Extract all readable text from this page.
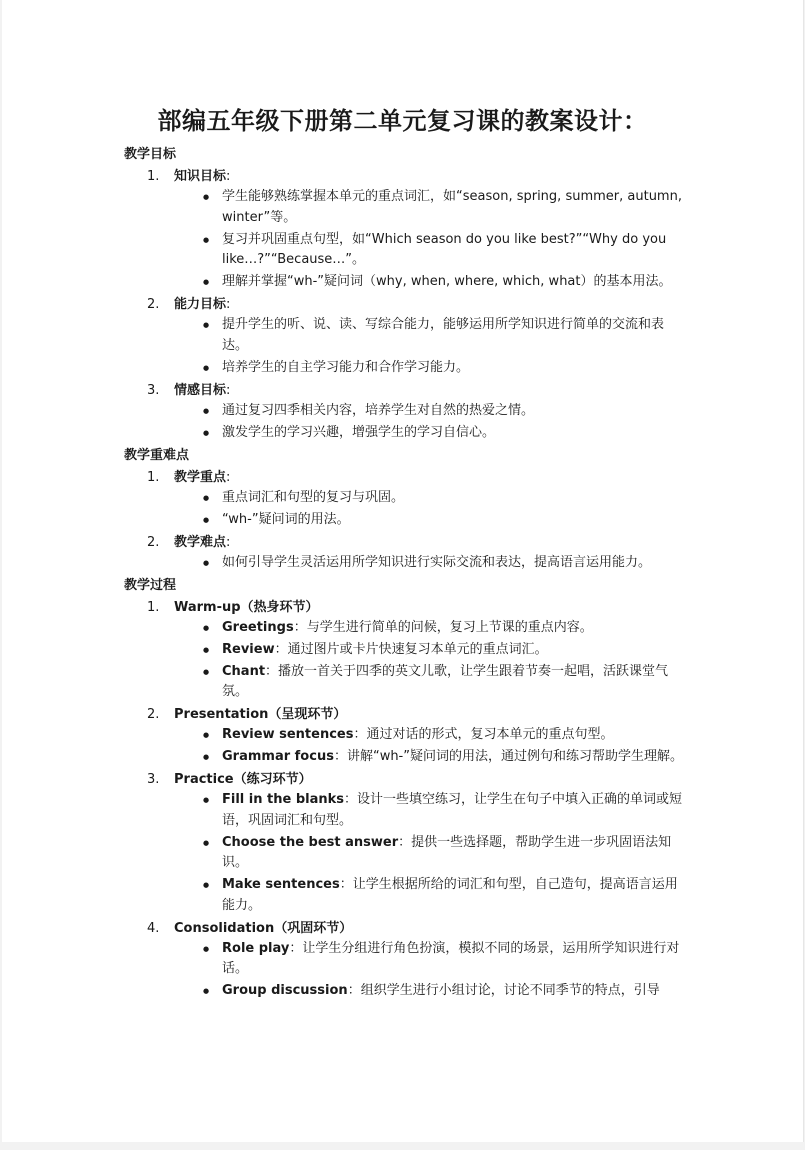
部编五年级下册第二单元复习课的教案设计：
教学目标
1. 知识目标:
● 学生能够熟练掌握本单元的重点词汇，如“season, spring, summer, autumn, winter”等。
● 复习并巩固重点句型，如“Which season do you like best?”“Why do you like…?”“Because…”。
● 理解并掌握“wh-”疑问词（why, when, where, which, what）的基本用法。
2. 能力目标:
● 提升学生的听、说、读、写综合能力，能够运用所学知识进行简单的交流和表达。
● 培养学生的自主学习能力和合作学习能力。
3. 情感目标:
● 通过复习四季相关内容，培养学生对自然的热爱之情。
● 激发学生的学习兴趣，增强学生的学习自信心。
教学重难点
1. 教学重点:
● 重点词汇和句型的复习与巩固。
● “wh-”疑问词的用法。
2. 教学难点:
● 如何引导学生灵活运用所学知识进行实际交流和表达，提高语言运用能力。
教学过程
1. Warm-up（热身环节）
● Greetings：与学生进行简单的问候，复习上节课的重点内容。
● Review：通过图片或卡片快速复习本单元的重点词汇。
● Chant：播放一首关于四季的英文儿歌，让学生跟着节奏一起唱，活跃课堂气氛。
2. Presentation（呈现环节）
● Review sentences：通过对话的形式，复习本单元的重点句型。
● Grammar focus：讲解“wh-”疑问词的用法，通过例句和练习帮助学生理解。
3. Practice（练习环节）
● Fill in the blanks：设计一些填空练习，让学生在句子中填入正确的单词或短语，巩固词汇和句型。
● Choose the best answer：提供一些选择题，帮助学生进一步巩固语法知识。
● Make sentences：让学生根据所给的词汇和句型，自己造句，提高语言运用能力。
4. Consolidation（巩固环节）
● Role play：让学生分组进行角色扮演，模拟不同的场景，运用所学知识进行对话。
● Group discussion：组织学生进行小组讨论，讨论不同季节的特点，引导
